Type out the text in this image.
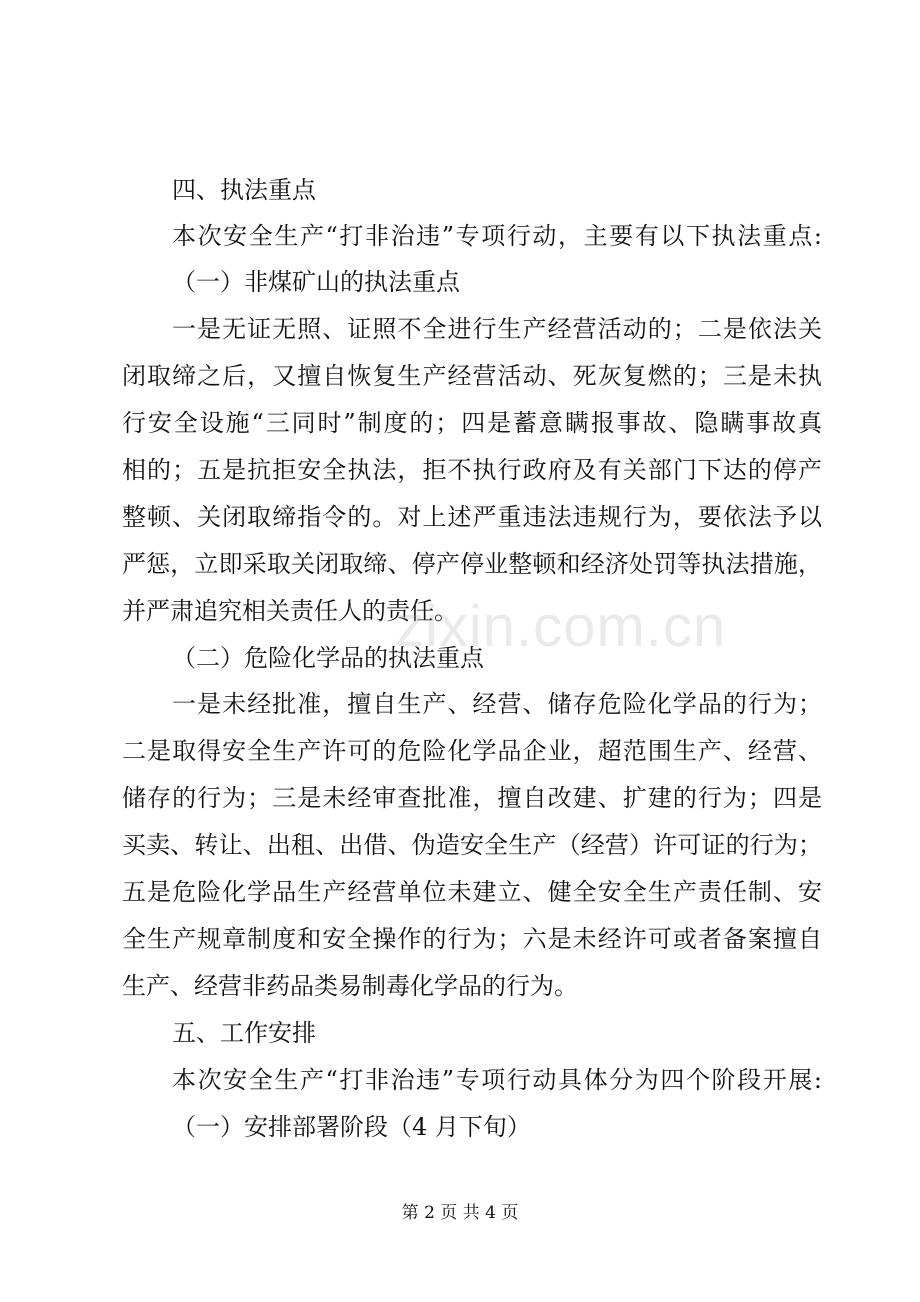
四、执法重点

本次安全生产“打非治违”专项行动，主要有以下执法重点:

（一）非煤矿山的执法重点

一是无证无照、证照不全进行生产经营活动的；二是依法关

闭取缔之后，又擅自恢复生产经营活动、死灰复燃的；三是未执

行安全设施“三同时”制度的；四是蓄意瞒报事故、隐瞒事故真

相的；五是抗拒安全执法，拒不执行政府及有关部门下达的停产

整顿、关闭取缔指令的。对上述严重违法违规行为，要依法予以

严惩，立即采取关闭取缔、停产停业整顿和经济处罚等执法措施，

并严肃追究相关责任人的责任。

（二）危险化学品的执法重点

一是未经批准，擅自生产、经营、储存危险化学品的行为；

二是取得安全生产许可的危险化学品企业，超范围生产、经营、

储存的行为；三是未经审查批准，擅自改建、扩建的行为；四是

买卖、转让、出租、出借、伪造安全生产（经营）许可证的行为；

五是危险化学品生产经营单位未建立、健全安全生产责任制、安

全生产规章制度和安全操作的行为；六是未经许可或者备案擅自

生产、经营非药品类易制毒化学品的行为。

五、工作安排

本次安全生产“打非治违”专项行动具体分为四个阶段开展:

（一）安排部署阶段（4 月下旬）

zixin.com.cn
第 2 页 共 4 页
